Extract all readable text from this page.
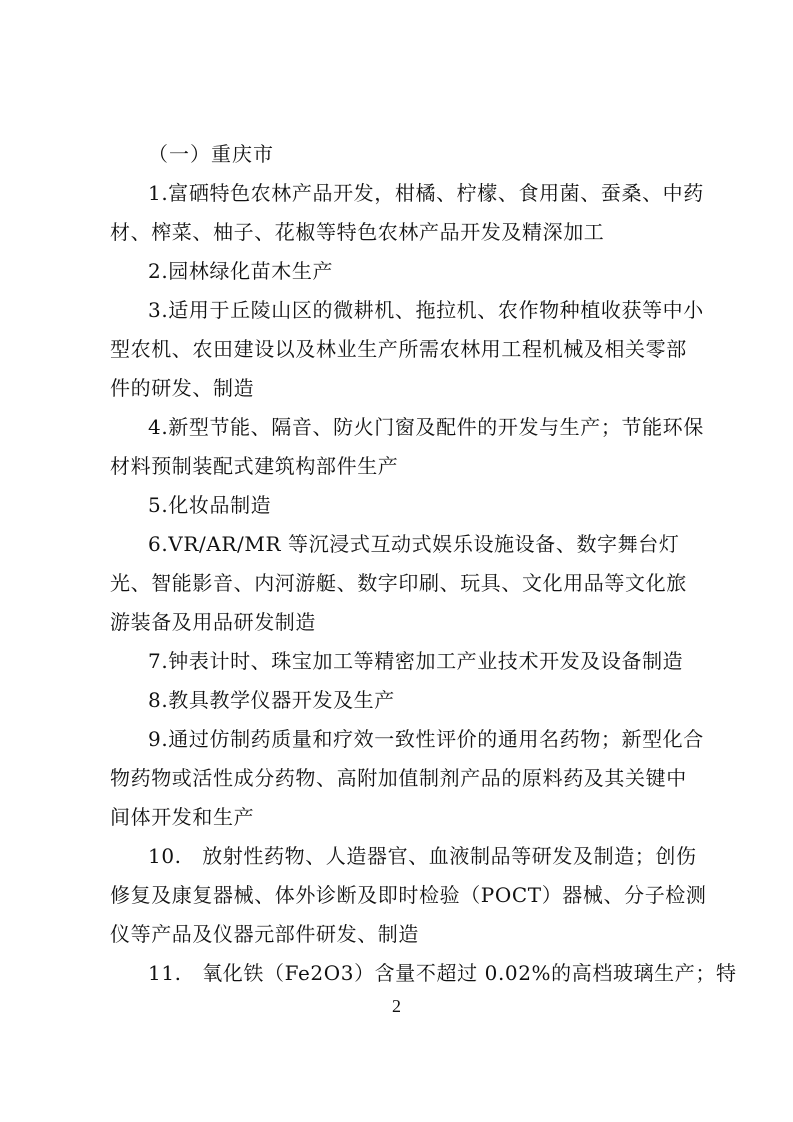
（一）重庆市
1.富硒特色农林产品开发，柑橘、柠檬、食用菌、蚕桑、中药
材、榨菜、柚子、花椒等特色农林产品开发及精深加工
2.园林绿化苗木生产
3.适用于丘陵山区的微耕机、拖拉机、农作物种植收获等中小
型农机、农田建设以及林业生产所需农林用工程机械及相关零部
件的研发、制造
4.新型节能、隔音、防火门窗及配件的开发与生产；节能环保
材料预制装配式建筑构部件生产
5.化妆品制造
6.VR/AR/MR 等沉浸式互动式娱乐设施设备、数字舞台灯
光、智能影音、内河游艇、数字印刷、玩具、文化用品等文化旅
游装备及用品研发制造
7.钟表计时、珠宝加工等精密加工产业技术开发及设备制造
8.教具教学仪器开发及生产
9.通过仿制药质量和疗效一致性评价的通用名药物；新型化合
物药物或活性成分药物、高附加值制剂产品的原料药及其关键中
间体开发和生产
10.　放射性药物、人造器官、血液制品等研发及制造；创伤
修复及康复器械、体外诊断及即时检验（POCT）器械、分子检测
仪等产品及仪器元部件研发、制造
11.　氧化铁（Fe2O3）含量不超过 0.02%的高档玻璃生产；特
2
